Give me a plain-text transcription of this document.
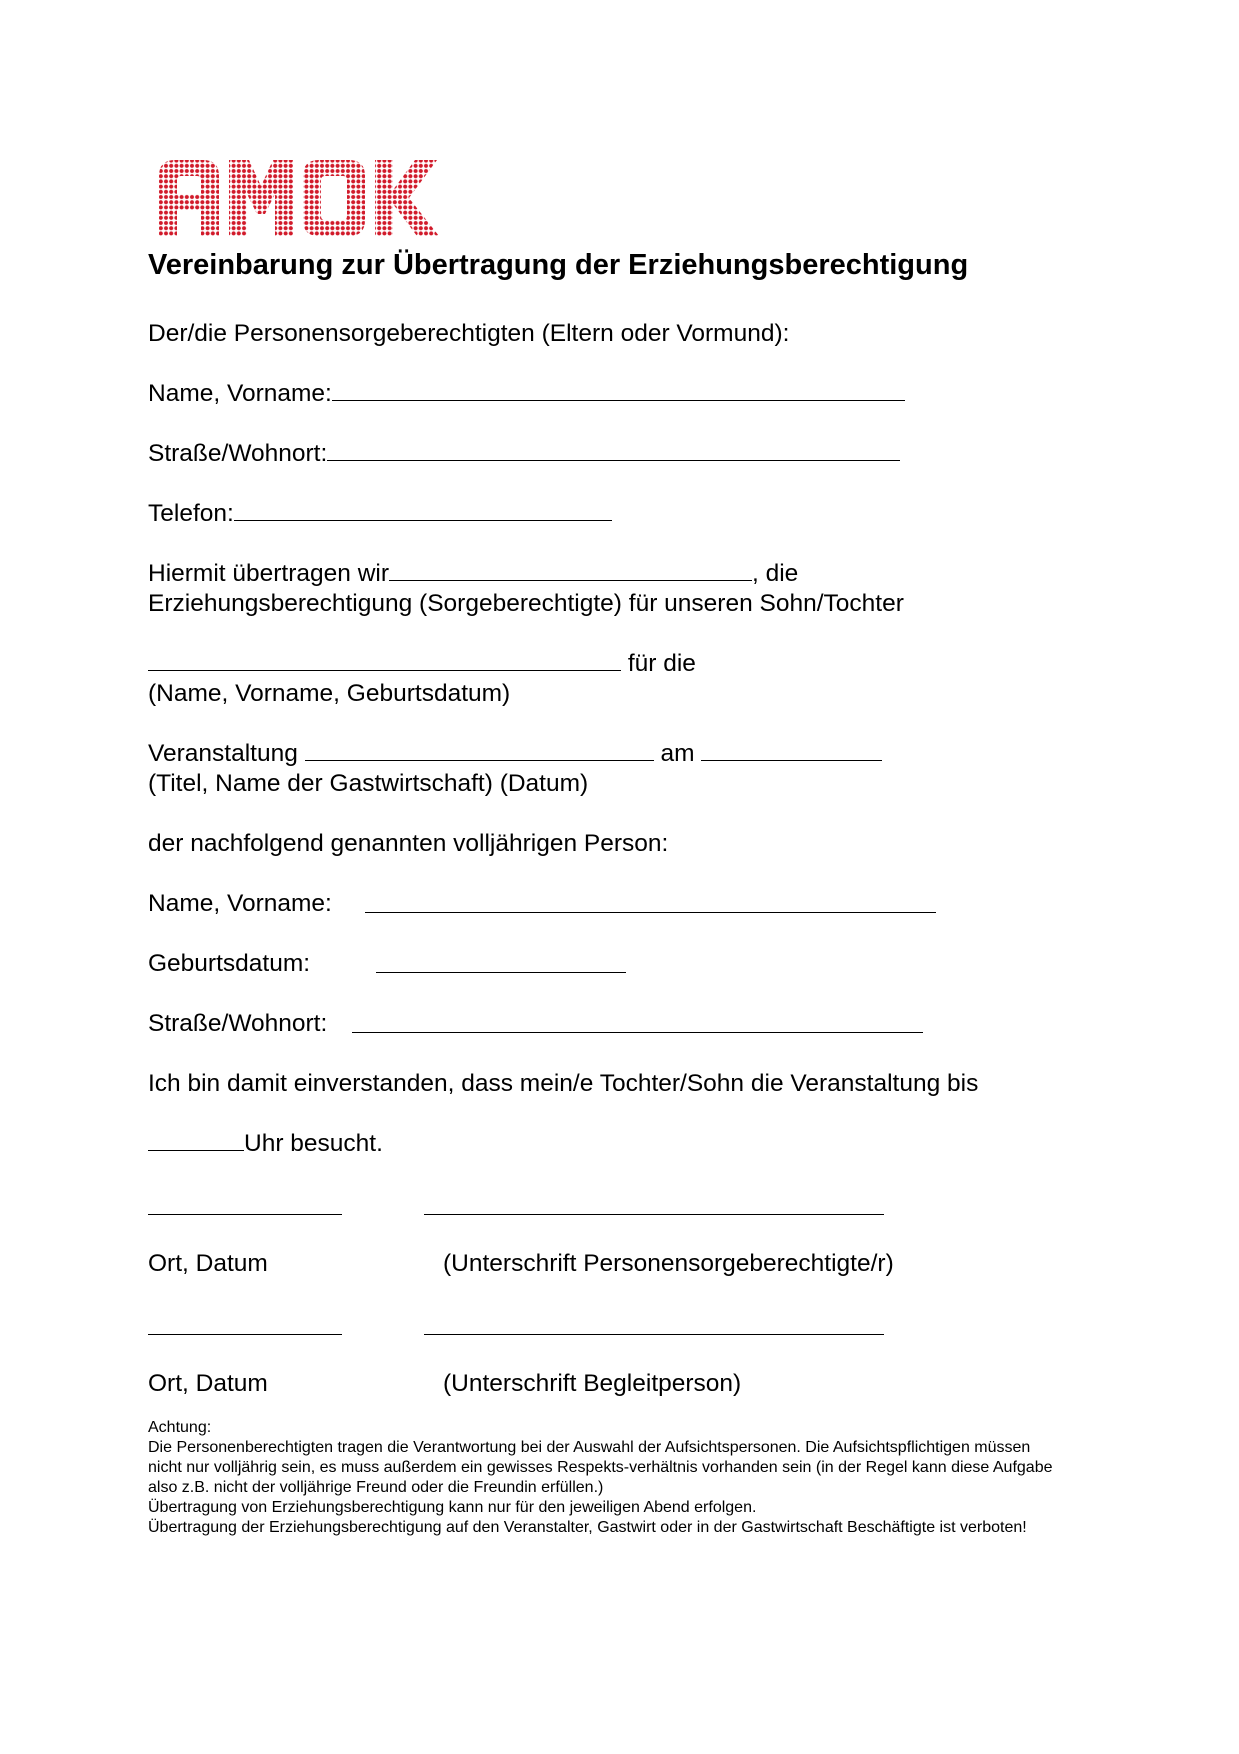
Vereinbarung zur Übertragung der Erziehungsberechtigung
Der/die Personensorgeberechtigten (Eltern oder Vormund):
Name, Vorname:
Straße/Wohnort:
Telefon:
Hiermit übertragen wir	, die
Erziehungsberechtigung (Sorgeberechtigte) für unseren Sohn/Tochter
für die
(Name, Vorname, Geburtsdatum)
Veranstaltung	am
(Titel, Name der Gastwirtschaft) (Datum)
der nachfolgend genannten volljährigen Person:
Name, Vorname:
Geburtsdatum:
Straße/Wohnort:
Ich bin damit einverstanden, dass mein/e Tochter/Sohn die Veranstaltung bis
Uhr besucht.
Ort, Datum	(Unterschrift Personensorgeberechtigte/r)
Ort, Datum	(Unterschrift Begleitperson)
Achtung:
Die Personenberechtigten tragen die Verantwortung bei der Auswahl der Aufsichtspersonen. Die Aufsichtspflichtigen müssen
nicht nur volljährig sein, es muss außerdem ein gewisses Respekts-verhältnis vorhanden sein (in der Regel kann diese Aufgabe
also z.B. nicht der volljährige Freund oder die Freundin erfüllen.)
Übertragung von Erziehungsberechtigung kann nur für den jeweiligen Abend erfolgen.
Übertragung der Erziehungsberechtigung auf den Veranstalter, Gastwirt oder in der Gastwirtschaft Beschäftigte ist verboten!
